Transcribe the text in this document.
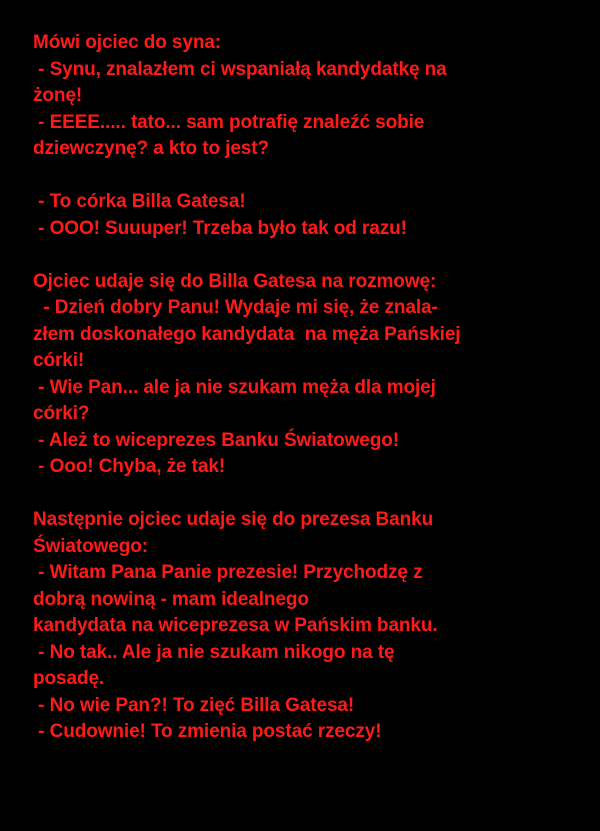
Mówi ojciec do syna:
- Synu, znalazłem ci wspaniałą kandydatkę na
żonę!
- EEEE..... tato... sam potrafię znaleźć sobie
dziewczynę? a kto to jest?
- To córka Billa Gatesa!
- OOO! Suuuper! Trzeba było tak od razu!
Ojciec udaje się do Billa Gatesa na rozmowę:
- Dzień dobry Panu! Wydaje mi się, że znala-
złem doskonałego kandydata  na męża Pańskiej
córki!
- Wie Pan... ale ja nie szukam męża dla mojej
córki?
- Ależ to wiceprezes Banku Światowego!
- Ooo! Chyba, że tak!
Następnie ojciec udaje się do prezesa Banku
Światowego:
- Witam Pana Panie prezesie! Przychodzę z
dobrą nowiną - mam idealnego
kandydata na wiceprezesa w Pańskim banku.
- No tak.. Ale ja nie szukam nikogo na tę
posadę.
- No wie Pan?! To zięć Billa Gatesa!
- Cudownie! To zmienia postać rzeczy!
